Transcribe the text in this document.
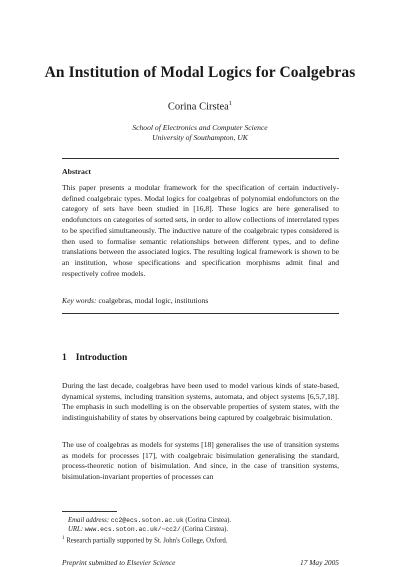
An Institution of Modal Logics for Coalgebras
Corina Cirstea$^1$
School of Electronics and Computer Science
University of Southampton, UK
Abstract
This paper presents a modular framework for the specification of certain inductively-defined coalgebraic types. Modal logics for coalgebras of polynomial endofunctors on the category of sets have been studied in [16,8]. These logics are here generalised to endofunctors on categories of sorted sets, in order to allow collections of interrelated types to be specified simultaneously. The inductive nature of the coalgebraic types considered is then used to formalise semantic relationships between different types, and to define translations between the associated logics. The resulting logical framework is shown to be an institution, whose specifications and specification morphisms admit final and respectively cofree models.
Key words: coalgebras, modal logic, institutions
1 Introduction
During the last decade, coalgebras have been used to model various kinds of state-based, dynamical systems, including transition systems, automata, and object systems [6,5,7,18]. The emphasis in such modelling is on the observable properties of system states, with the indistinguishability of states by observations being captured by coalgebraic bisimulation.
The use of coalgebras as models for systems [18] generalises the use of transition systems as models for processes [17], with coalgebraic bisimulation generalising the standard, process-theoretic notion of bisimulation. And since, in the case of transition systems, bisimulation-invariant properties of processes can
Email address: cc2@ecs.soton.ac.uk (Corina Cirstea).
URL: www.ecs.soton.ac.uk/~cc2/ (Corina Cirstea).
$^1$ Research partially supported by St. John's College, Oxford.
Preprint submitted to Elsevier Science	17 May 2005
